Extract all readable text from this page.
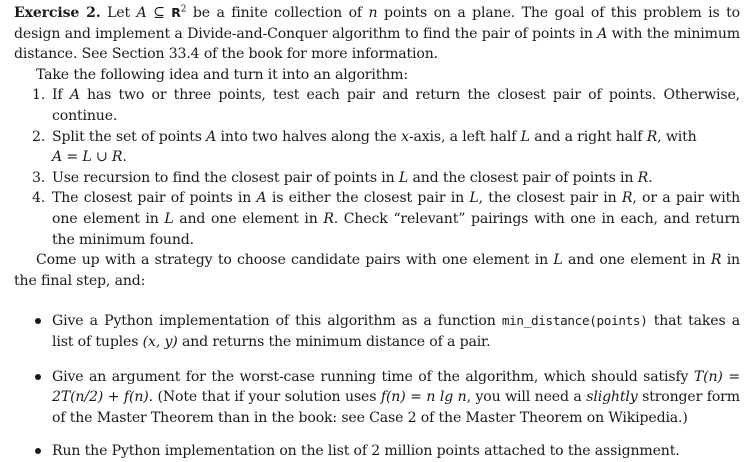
Exercise 2. Let A ⊆ $R^2$ be a finite collection of n points on a plane. The goal of this problem is to design and implement a Divide-and-Conquer algorithm to find the pair of points in A with the minimum distance. See Section 33.4 of the book for more information.

Take the following idea and turn it into an algorithm:

1. If A has two or three points, test each pair and return the closest pair of points. Otherwise, continue.
2. Split the set of points A into two halves along the x-axis, a left half L and a right half R, with
A = L ∪ R.
3. Use recursion to find the closest pair of points in L and the closest pair of points in R.
4. The closest pair of points in A is either the closest pair in L, the closest pair in R, or a pair with one element in L and one element in R. Check “relevant” pairings with one in each, and return the minimum found.

Come up with a strategy to choose candidate pairs with one element in L and one element in R in the final step, and:

Give a Python implementation of this algorithm as a function min_distance(points) that takes a list of tuples (x, y) and returns the minimum distance of a pair.
Give an argument for the worst-case running time of the algorithm, which should satisfy T(n) = 2T(n/2) + f(n). (Note that if your solution uses f(n) = n lg n, you will need a slightly stronger form of the Master Theorem than in the book: see Case 2 of the Master Theorem on Wikipedia.)
Run the Python implementation on the list of 2 million points attached to the assignment.
